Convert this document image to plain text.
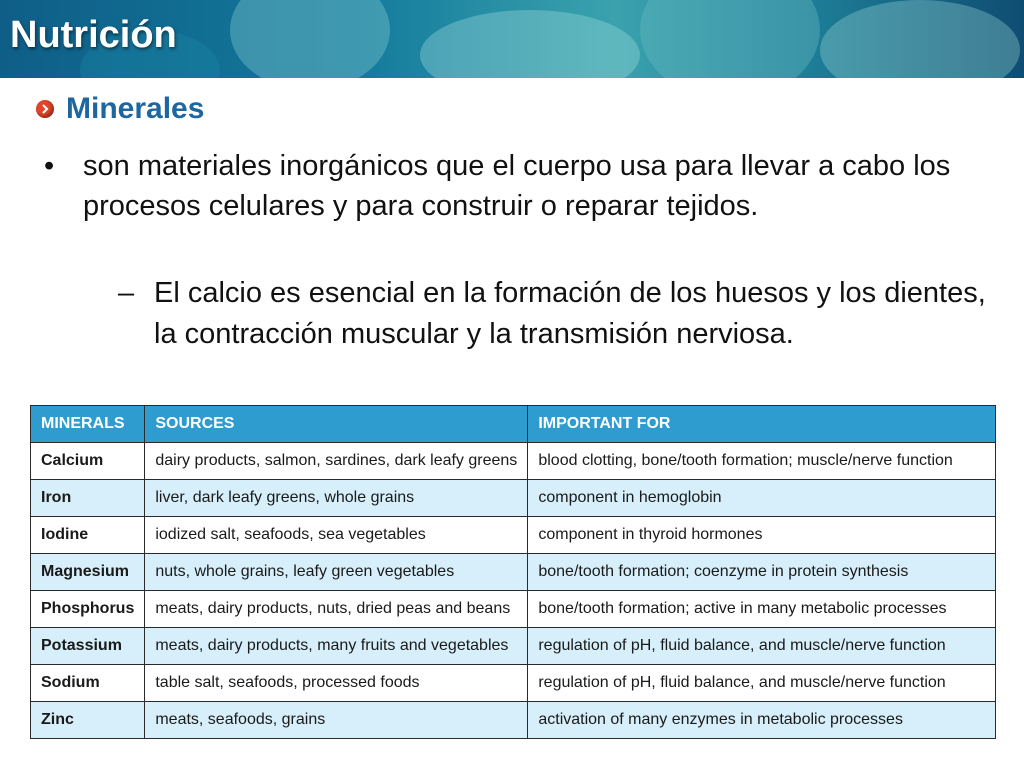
Nutrición
Minerales
• son materiales inorgánicos que el cuerpo usa para llevar a cabo los procesos celulares y para construir o reparar tejidos.
– El calcio es esencial en la formación de los huesos y los dientes, la contracción muscular y la transmisión nerviosa.
MINERALS	SOURCES	IMPORTANT FOR
Calcium	dairy products, salmon, sardines, dark leafy greens	blood clotting, bone/tooth formation; muscle/nerve function
Iron	liver, dark leafy greens, whole grains	component in hemoglobin
Iodine	iodized salt, seafoods, sea vegetables	component in thyroid hormones
Magnesium	nuts, whole grains, leafy green vegetables	bone/tooth formation; coenzyme in protein synthesis
Phosphorus	meats, dairy products, nuts, dried peas and beans	bone/tooth formation; active in many metabolic processes
Potassium	meats, dairy products, many fruits and vegetables	regulation of pH, fluid balance, and muscle/nerve function
Sodium	table salt, seafoods, processed foods	regulation of pH, fluid balance, and muscle/nerve function
Zinc	meats, seafoods, grains	activation of many enzymes in metabolic processes
